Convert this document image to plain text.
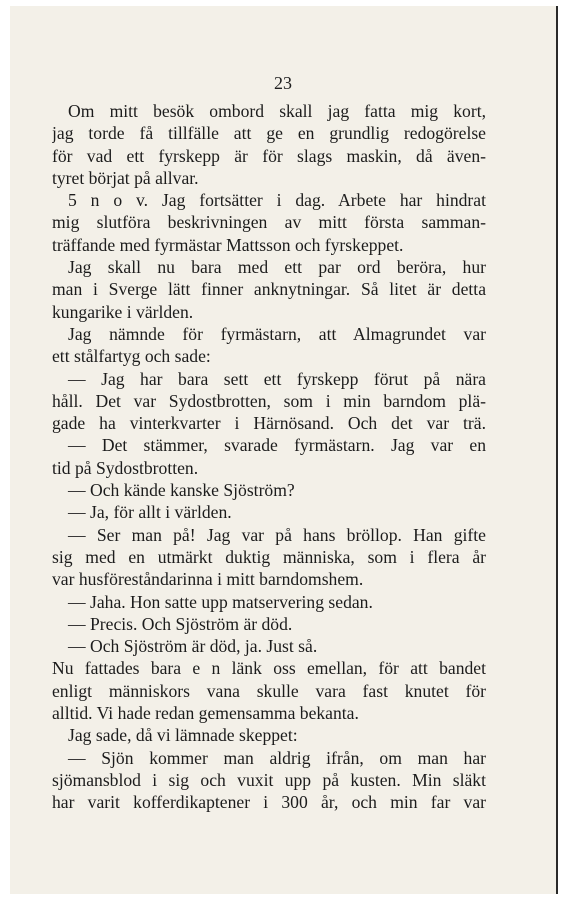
23
Om mitt besök ombord skall jag fatta mig kort,
jag torde få tillfälle att ge en grundlig redogörelse
för vad ett fyrskepp är för slags maskin, då även-
tyret börjat på allvar.
5 n o v. Jag fortsätter i dag. Arbete har hindrat
mig slutföra beskrivningen av mitt första samman-
träffande med fyrmästar Mattsson och fyrskeppet.
Jag skall nu bara med ett par ord beröra, hur
man i Sverge lätt finner anknytningar. Så litet är detta
kungarike i världen.
Jag nämnde för fyrmästarn, att Almagrundet var
ett stålfartyg och sade:
— Jag har bara sett ett fyrskepp förut på nära
håll. Det var Sydostbrotten, som i min barndom plä-
gade ha vinterkvarter i Härnösand. Och det var trä.
— Det stämmer, svarade fyrmästarn. Jag var en
tid på Sydostbrotten.
— Och kände kanske Sjöström?
— Ja, för allt i världen.
— Ser man på! Jag var på hans bröllop. Han gifte
sig med en utmärkt duktig människa, som i flera år
var husföreståndarinna i mitt barndomshem.
— Jaha. Hon satte upp matservering sedan.
— Precis. Och Sjöström är död.
— Och Sjöström är död, ja. Just så.
Nu fattades bara e n länk oss emellan, för att bandet
enligt människors vana skulle vara fast knutet för
alltid. Vi hade redan gemensamma bekanta.
Jag sade, då vi lämnade skeppet:
— Sjön kommer man aldrig ifrån, om man har
sjömansblod i sig och vuxit upp på kusten. Min släkt
har varit kofferdikaptener i 300 år, och min far var
